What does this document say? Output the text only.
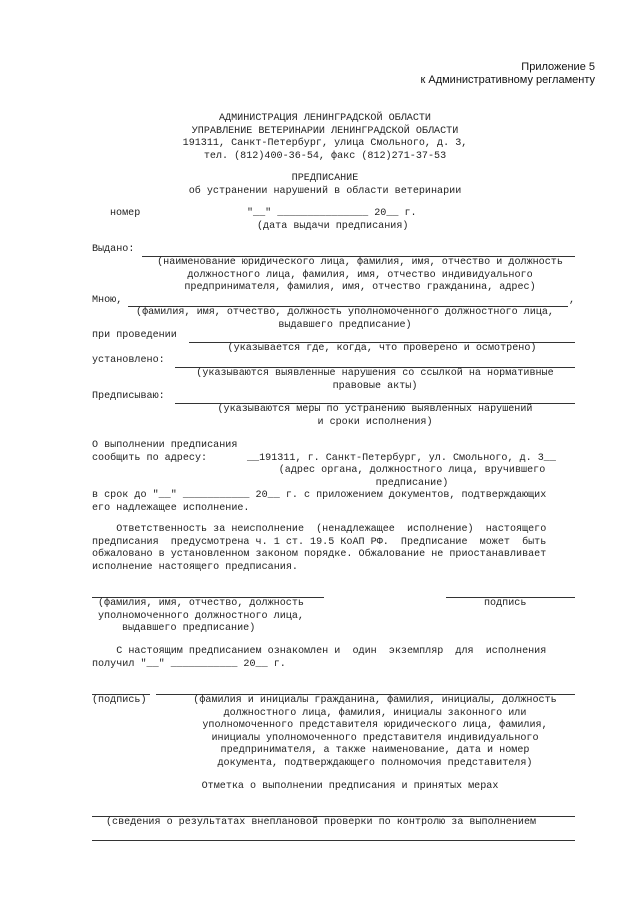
Приложение 5
к Административному регламенту
АДМИНИСТРАЦИЯ ЛЕНИНГРАДСКОЙ ОБЛАСТИ
УПРАВЛЕНИЕ ВЕТЕРИНАРИИ ЛЕНИНГРАДСКОЙ ОБЛАСТИ
191311, Санкт-Петербург, улица Смольного, д. 3,
тел. (812)400-36-54, факс (812)271-37-53
ПРЕДПИСАНИЕ
об устранении нарушений в области ветеринарии
номер	"__" _______________ 20__ г.
(дата выдачи предписания)
Выдано:
(наименование юридического лица, фамилия, имя, отчество и должность
должностного лица, фамилия, имя, отчество индивидуального
предпринимателя, фамилия, имя, отчество гражданина, адрес)
Мною,	,
(фамилия, имя, отчество, должность уполномоченного должностного лица,
выдавшего предписание)
при проведении
(указывается где, когда, что проверено и осмотрено)
установлено:
(указываются выявленные нарушения со ссылкой на нормативные
правовые акты)
Предписываю:
(указываются меры по устранению выявленных нарушений
и сроки исполнения)
О выполнении предписания
сообщить по адресу:	__191311, г. Санкт-Петербург, ул. Смольного, д. 3__
(адрес органа, должностного лица, вручившего
предписание)
в срок до "__" ___________ 20__ г. с приложением документов, подтверждающих
его надлежащее исполнение.
Ответственность за неисполнение  (ненадлежащее  исполнение)  настоящего
предписания  предусмотрена ч. 1 ст. 19.5 КоАП РФ.  Предписание  может  быть
обжаловано в установленном законом порядке. Обжалование не приостанавливает
исполнение настоящего предписания.
(фамилия, имя, отчество, должность
уполномоченного должностного лица,
выдавшего предписание)
подпись
С настоящим предписанием ознакомлен и  один  экземпляр  для  исполнения
получил "__" ___________ 20__ г.
(подпись)	(фамилия и инициалы гражданина, фамилия, инициалы, должность
должностного лица, фамилия, инициалы законного или
уполномоченного представителя юридического лица, фамилия,
инициалы уполномоченного представителя индивидуального
предпринимателя, а также наименование, дата и номер
документа, подтверждающего полномочия представителя)
Отметка о выполнении предписания и принятых мерах
(сведения о результатах внеплановой проверки по контролю за выполнением
